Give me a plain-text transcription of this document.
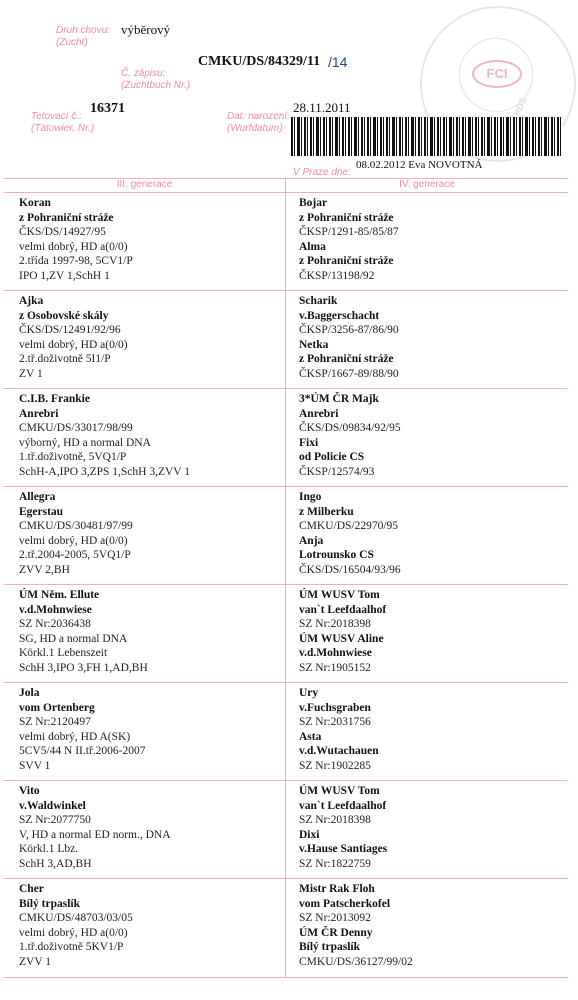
FCI
Druh chovu:
(Zucht)
výběrový
CMKU/DS/84329/11 /14
Č. zápisu:
(Zuchtbuch Nr.)
Tetovací č.:
(Tätowier. Nr.)
16371
Dat. narození:
(Wurfdatum)
28.11.2011
08.02.2012 Eva NOVOTNÁ
V Praze dne:
III. generace	IV. generace
Koran
z Pohraniční stráže
ČKS/DS/14927/95
velmi dobrý, HD a(0/0)
2.třída 1997-98, 5CV1/P
IPO 1,ZV 1,SchH 1
Bojar
z Pohraniční stráže
ČKSP/1291-85/85/87
Alma
z Pohraniční stráže
ČKSP/13198/92
Ajka
z Osobovské skály
ČKS/DS/12491/92/96
velmi dobrý, HD a(0/0)
2.tř.doživotně 5I1/P
ZV 1
Scharik
v.Baggerschacht
ČKSP/3256-87/86/90
Netka
z Pohraniční stráže
ČKSP/1667-89/88/90
C.I.B. Frankie
Anrebri
CMKU/DS/33017/98/99
výborný, HD a normal DNA
1.tř.doživotně, 5VQ1/P
SchH-A,IPO 3,ZPS 1,SchH 3,ZVV 1
3*ÚM ČR Majk
Anrebri
ČKS/DS/09834/92/95
Fixi
od Policie CS
ČKSP/12574/93
Allegra
Egerstau
CMKU/DS/30481/97/99
velmi dobrý, HD a(0/0)
2.tř.2004-2005, 5VQ1/P
ZVV 2,BH
Ingo
z Milberku
CMKU/DS/22970/95
Anja
Lotrounsko CS
ČKS/DS/16504/93/96
ÚM Něm. Ellute
v.d.Mohnwiese
SZ Nr:2036438
SG, HD a normal DNA
Körkl.1 Lebenszeit
SchH 3,IPO 3,FH 1,AD,BH
ÚM WUSV Tom
van`t Leefdaalhof
SZ Nr:2018398
ÚM WUSV Aline
v.d.Mohnwiese
SZ Nr:1905152
Jola
vom Ortenberg
SZ Nr:2120497
velmi dobrý, HD A(SK)
5CV5/44 N II.tř.2006-2007
SVV 1
Ury
v.Fuchsgraben
SZ Nr:2031756
Asta
v.d.Wutachauen
SZ Nr:1902285
Vito
v.Waldwinkel
SZ Nr:2077750
V, HD a normal ED norm., DNA
Körkl.1 Lbz.
SchH 3,AD,BH
ÚM WUSV Tom
van`t Leefdaalhof
SZ Nr:2018398
Dixi
v.Hause Santiages
SZ Nr:1822759
Cher
Bílý trpaslík
CMKU/DS/48703/03/05
velmi dobrý, HD a(0/0)
1.tř.doživotně 5KV1/P
ZVV 1
Mistr Rak Floh
vom Patscherkofel
SZ Nr:2013092
ÚM ČR Denny
Bílý trpaslík
CMKU/DS/36127/99/02
